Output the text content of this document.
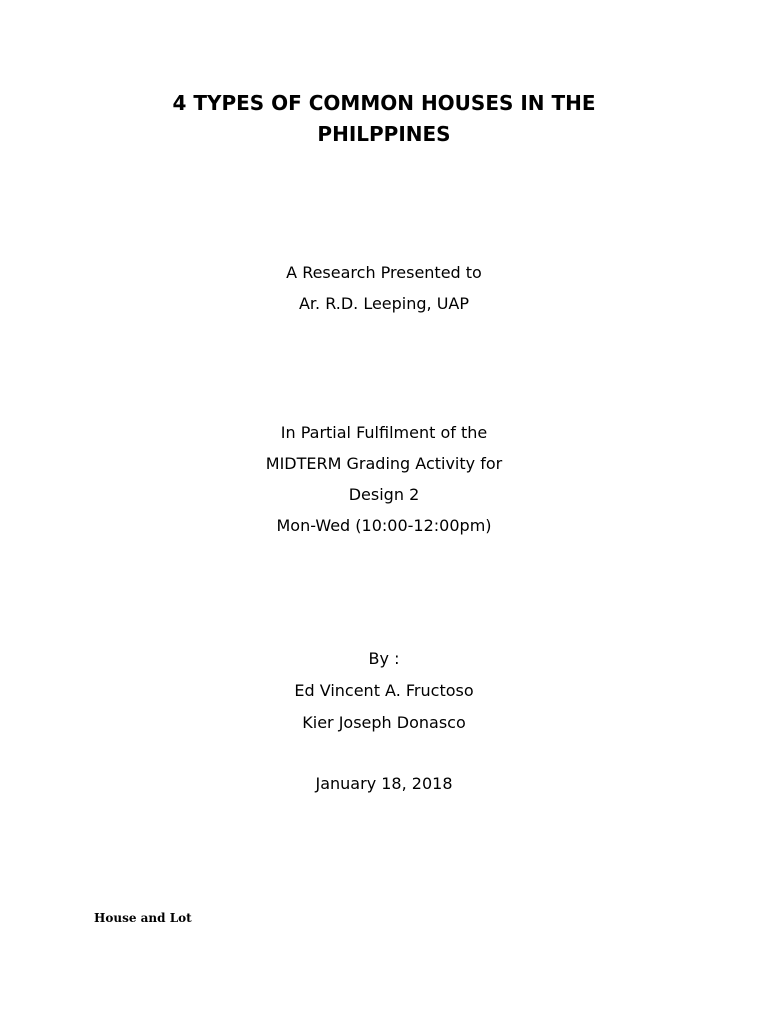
4 TYPES OF COMMON HOUSES IN THE
PHILPPINES
A Research Presented to
Ar. R.D. Leeping, UAP
In Partial Fulfilment of the
MIDTERM Grading Activity for
Design 2
Mon-Wed (10:00-12:00pm)
By :
Ed Vincent A. Fructoso
Kier Joseph Donasco
January 18, 2018
House and Lot
